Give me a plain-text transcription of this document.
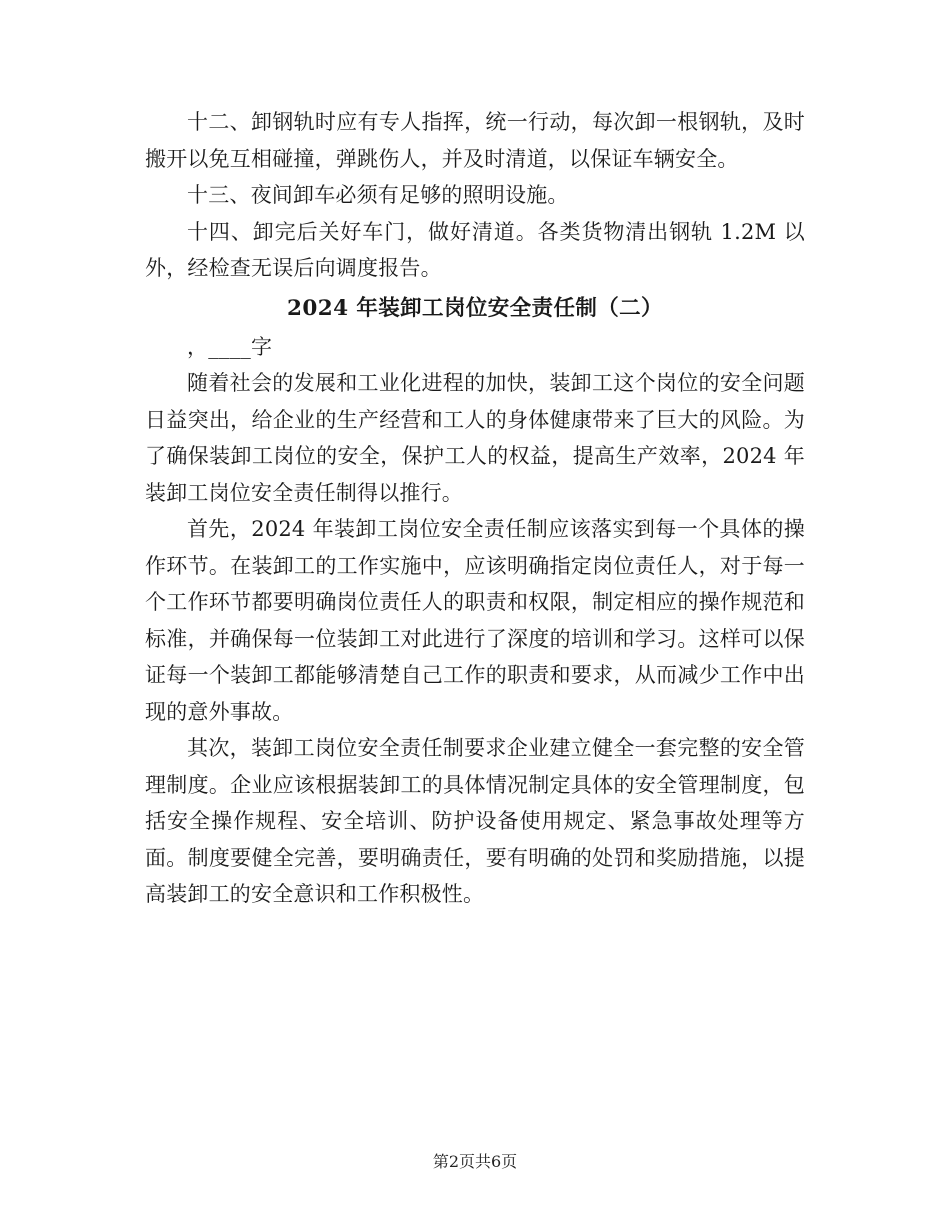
十二、卸钢轨时应有专人指挥，统一行动，每次卸一根钢轨，及时搬开以免互相碰撞，弹跳伤人，并及时清道，以保证车辆安全。

十三、夜间卸车必须有足够的照明设施。

十四、卸完后关好车门，做好清道。各类货物清出钢轨 1.2M 以外，经检查无误后向调度报告。

2024 年装卸工岗位安全责任制（二）

，____字

随着社会的发展和工业化进程的加快，装卸工这个岗位的安全问题日益突出，给企业的生产经营和工人的身体健康带来了巨大的风险。为了确保装卸工岗位的安全，保护工人的权益，提高生产效率，2024 年装卸工岗位安全责任制得以推行。

首先，2024 年装卸工岗位安全责任制应该落实到每一个具体的操作环节。在装卸工的工作实施中，应该明确指定岗位责任人，对于每一个工作环节都要明确岗位责任人的职责和权限，制定相应的操作规范和标准，并确保每一位装卸工对此进行了深度的培训和学习。这样可以保证每一个装卸工都能够清楚自己工作的职责和要求，从而减少工作中出现的意外事故。

其次，装卸工岗位安全责任制要求企业建立健全一套完整的安全管理制度。企业应该根据装卸工的具体情况制定具体的安全管理制度，包括安全操作规程、安全培训、防护设备使用规定、紧急事故处理等方面。制度要健全完善，要明确责任，要有明确的处罚和奖励措施，以提高装卸工的安全意识和工作积极性。

第2页共6页
